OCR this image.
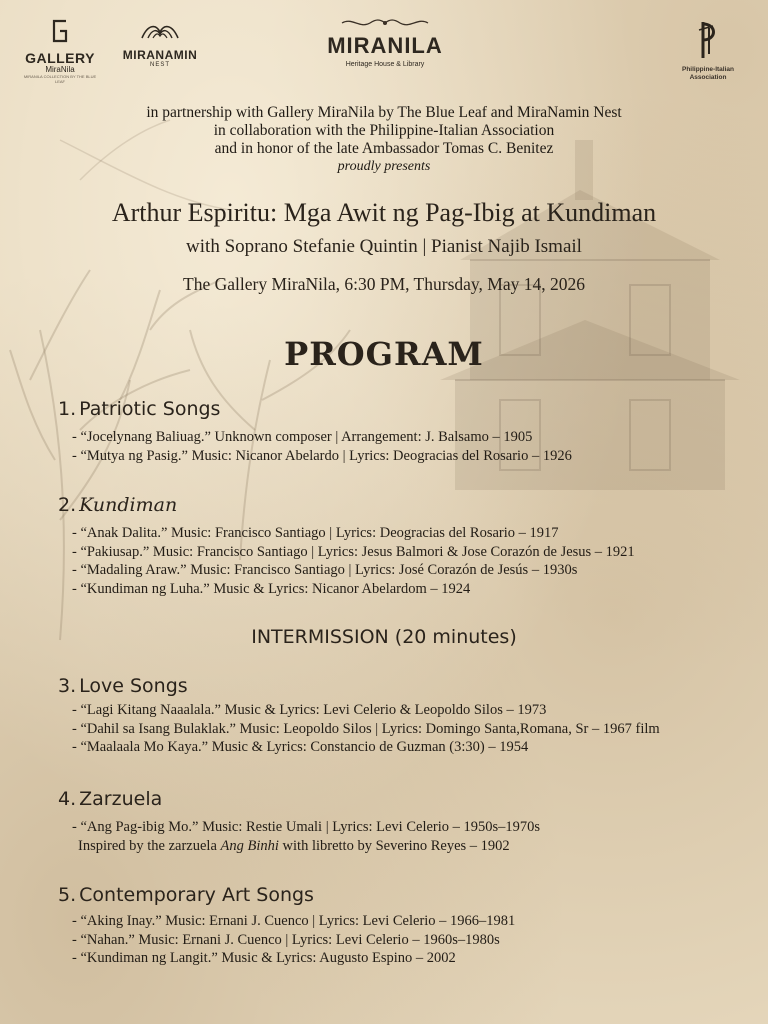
GALLERY
MiraNila
MIRANILA COLLECTION BY THE BLUE LEAF
MIRANAMIN
NEST
MIRANILA
Heritage House & Library
Philippine-Italian
Association
in partnership with Gallery MiraNila by The Blue Leaf and MiraNamin Nest
in collaboration with the Philippine-Italian Association
and in honor of the late Ambassador Tomas C. Benitez
proudly presents
Arthur Espiritu: Mga Awit ng Pag-Ibig at Kundiman
with Soprano Stefanie Quintin | Pianist Najib Ismail
The Gallery MiraNila, 6:30 PM, Thursday, May 14, 2026
PROGRAM
1. Patriotic Songs
- “Jocelynang Baliuag.” Unknown composer | Arrangement: J. Balsamo – 1905
- “Mutya ng Pasig.” Music: Nicanor Abelardo | Lyrics: Deogracias del Rosario – 1926
2. Kundiman
- “Anak Dalita.” Music: Francisco Santiago | Lyrics: Deogracias del Rosario – 1917
- “Pakiusap.” Music: Francisco Santiago | Lyrics: Jesus Balmori & Jose Corazón de Jesus – 1921
- “Madaling Araw.” Music: Francisco Santiago | Lyrics: José Corazón de Jesús – 1930s
- “Kundiman ng Luha.” Music & Lyrics: Nicanor Abelardom – 1924
INTERMISSION (20 minutes)
3. Love Songs
- “Lagi Kitang Naaalala.” Music & Lyrics: Levi Celerio & Leopoldo Silos – 1973
- “Dahil sa Isang Bulaklak.” Music: Leopoldo Silos | Lyrics: Domingo Santa,Romana, Sr – 1967 film
- “Maalaala Mo Kaya.” Music & Lyrics: Constancio de Guzman (3:30) – 1954
4. Zarzuela
- “Ang Pag-ibig Mo.” Music: Restie Umali | Lyrics: Levi Celerio – 1950s–1970s
Inspired by the zarzuela Ang Binhi with libretto by Severino Reyes – 1902
5. Contemporary Art Songs
- “Aking Inay.” Music: Ernani J. Cuenco | Lyrics: Levi Celerio – 1966–1981
- “Nahan.” Music: Ernani J. Cuenco | Lyrics: Levi Celerio – 1960s–1980s
- “Kundiman ng Langit.” Music & Lyrics: Augusto Espino – 2002
